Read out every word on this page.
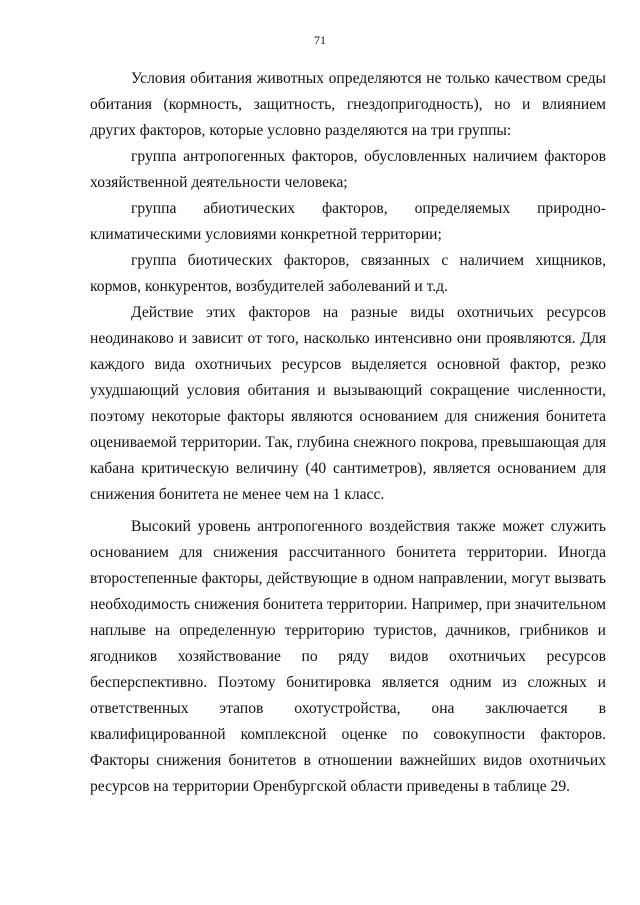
71

Условия обитания животных определяются не только качеством среды обитания (кормность, защитность, гнездопригодность), но и влиянием других факторов, которые условно разделяются на три группы:

группа антропогенных факторов, обусловленных наличием факторов хозяйственной деятельности человека;

группа абиотических факторов, определяемых природно-климатическими условиями конкретной территории;

группа биотических факторов, связанных с наличием хищников, кормов, конкурентов, возбудителей заболеваний и т.д.

Действие этих факторов на разные виды охотничьих ресурсов неодинаково и зависит от того, насколько интенсивно они проявляются. Для каждого вида охотничьих ресурсов выделяется основной фактор, резко ухудшающий условия обитания и вызывающий сокращение численности, поэтому некоторые факторы являются основанием для снижения бонитета оцениваемой территории. Так, глубина снежного покрова, превышающая для кабана критическую величину (40 сантиметров), является основанием для снижения бонитета не менее чем на 1 класс.

Высокий уровень антропогенного воздействия также может служить основанием для снижения рассчитанного бонитета территории. Иногда второстепенные факторы, действующие в одном направлении, могут вызвать необходимость снижения бонитета территории. Например, при значительном наплыве на определенную территорию туристов, дачников, грибников и ягодников хозяйствование по ряду видов охотничьих ресурсов бесперспективно. Поэтому бонитировка является одним из сложных и ответственных этапов охотустройства, она заключается в квалифицированной комплексной оценке по совокупности факторов. Факторы снижения бонитетов в отношении важнейших видов охотничьих ресурсов на территории Оренбургской области приведены в таблице 29.
